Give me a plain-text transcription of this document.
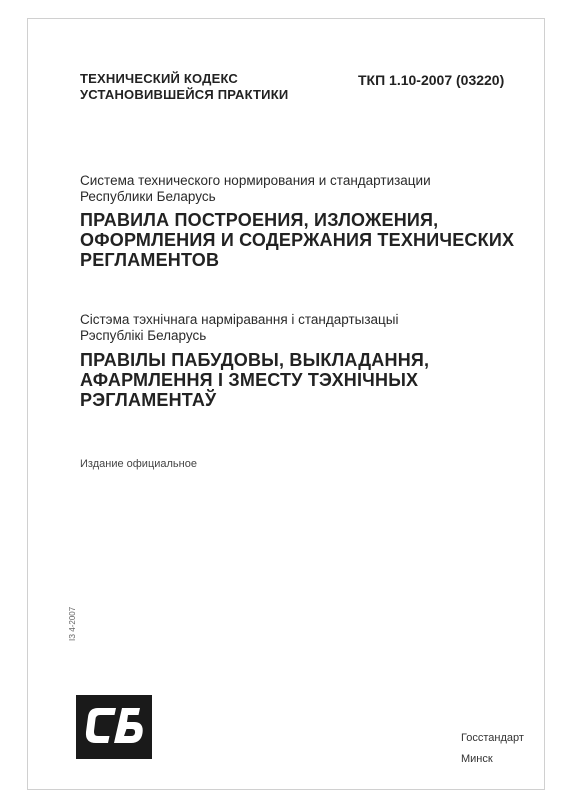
ТЕХНИЧЕСКИЙ КОДЕКС
УСТАНОВИВШЕЙСЯ ПРАКТИКИ
ТКП 1.10-2007 (03220)
Система технического нормирования и стандартизации
Республики Беларусь
ПРАВИЛА ПОСТРОЕНИЯ, ИЗЛОЖЕНИЯ,
ОФОРМЛЕНИЯ И СОДЕРЖАНИЯ ТЕХНИЧЕСКИХ
РЕГЛАМЕНТОВ
Сістэма тэхнічнага нарміравання і стандартызацыі
Рэспублікі Беларусь
ПРАВІЛЫ ПАБУДОВЫ, ВЫКЛАДАННЯ,
АФАРМЛЕННЯ І ЗМЕСТУ ТЭХНІЧНЫХ
РЭГЛАМЕНТАЎ
Издание официальное
ІЗ 4-2007
Госстандарт
Минск
